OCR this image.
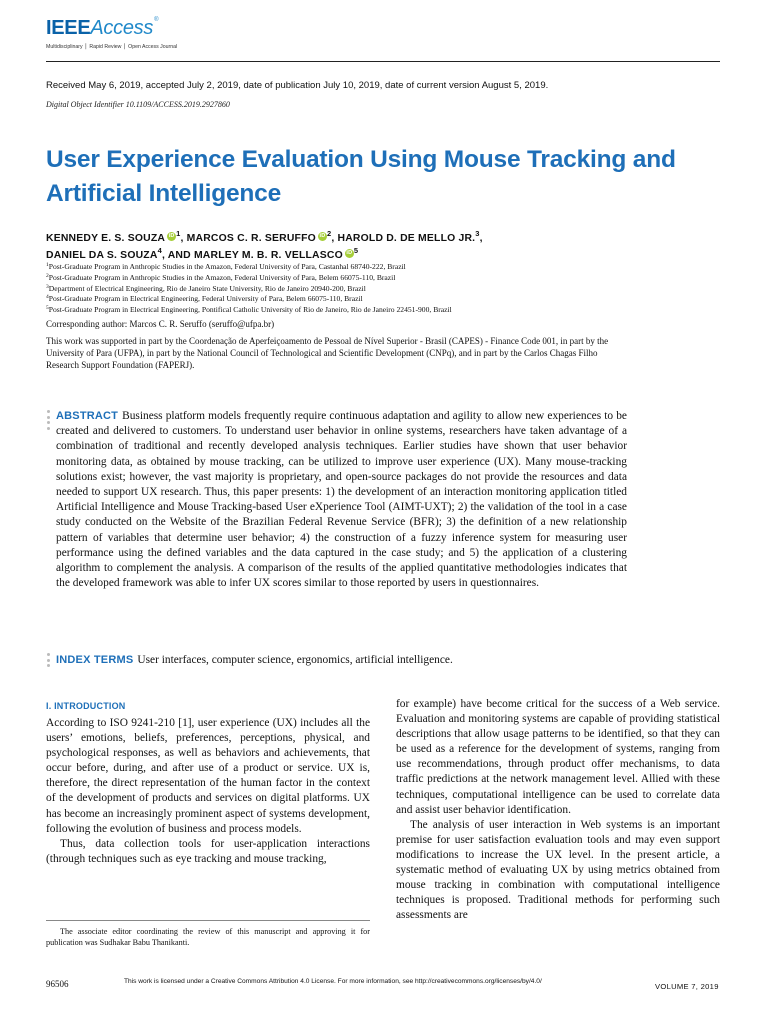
IEEEAccess®
Multidisciplinary ⎪ Rapid Review ⎪ Open Access Journal
Received May 6, 2019, accepted July 2, 2019, date of publication July 10, 2019, date of current version August 5, 2019.
Digital Object Identifier 10.1109/ACCESS.2019.2927860
User Experience Evaluation Using Mouse Tracking and Artificial Intelligence
KENNEDY E. S. SOUZA iD $^1$, MARCOS C. R. SERUFFO iD $^2$, HAROLD D. DE MELLO JR.$^3$,
DANIEL DA S. SOUZA$^4$, AND MARLEY M. B. R. VELLASCO iD $^5$
$^1$Post-Graduate Program in Anthropic Studies in the Amazon, Federal University of Para, Castanhal 68740-222, Brazil
$^2$Post-Graduate Program in Anthropic Studies in the Amazon, Federal University of Para, Belem 66075-110, Brazil
$^3$Department of Electrical Engineering, Rio de Janeiro State University, Rio de Janeiro 20940-200, Brazil
$^4$Post-Graduate Program in Electrical Engineering, Federal University of Para, Belem 66075-110, Brazil
$^5$Post-Graduate Program in Electrical Engineering, Pontifical Catholic University of Rio de Janeiro, Rio de Janeiro 22451-900, Brazil
Corresponding author: Marcos C. R. Seruffo (seruffo@ufpa.br)
This work was supported in part by the Coordenação de Aperfeiçoamento de Pessoal de Nível Superior - Brasil (CAPES) - Finance Code 001, in part by the University of Para (UFPA), in part by the National Council of Technological and Scientific Development (CNPq), and in part by the Carlos Chagas Filho Research Support Foundation (FAPERJ).
ABSTRACT Business platform models frequently require continuous adaptation and agility to allow new experiences to be created and delivered to customers. To understand user behavior in online systems, researchers have taken advantage of a combination of traditional and recently developed analysis techniques. Earlier studies have shown that user behavior monitoring data, as obtained by mouse tracking, can be utilized to improve user experience (UX). Many mouse-tracking solutions exist; however, the vast majority is proprietary, and open-source packages do not provide the resources and data needed to support UX research. Thus, this paper presents: 1) the development of an interaction monitoring application titled Artificial Intelligence and Mouse Tracking-based User eXperience Tool (AIMT-UXT); 2) the validation of the tool in a case study conducted on the Website of the Brazilian Federal Revenue Service (BFR); 3) the definition of a new relationship pattern of variables that determine user behavior; 4) the construction of a fuzzy inference system for measuring user performance using the defined variables and the data captured in the case study; and 5) the application of a clustering algorithm to complement the analysis. A comparison of the results of the applied quantitative methodologies indicates that the developed framework was able to infer UX scores similar to those reported by users in questionnaires.
INDEX TERMS User interfaces, computer science, ergonomics, artificial intelligence.
I. INTRODUCTION

According to ISO 9241-210 [1], user experience (UX) includes all the users’ emotions, beliefs, preferences, perceptions, physical, and psychological responses, as well as behaviors and achievements, that occur before, during, and after use of a product or service. UX is, therefore, the direct representation of the human factor in the context of the development of products and services on digital platforms. UX has become an increasingly prominent aspect of systems development, following the evolution of business and process models.

Thus, data collection tools for user-application interactions (through techniques such as eye tracking and mouse tracking,

for example) have become critical for the success of a Web service. Evaluation and monitoring systems are capable of providing statistical descriptions that allow usage patterns to be identified, so that they can be used as a reference for the development of systems, ranging from use recommendations, through product offer mechanisms, to data traffic predictions at the network management level. Allied with these techniques, computational intelligence can be used to correlate data and assist user behavior identification.

The analysis of user interaction in Web systems is an important premise for user satisfaction evaluation tools and may even support modifications to increase the UX level. In the present article, a systematic method of evaluating UX by using metrics obtained from mouse tracking in combination with computational intelligence techniques is proposed. Traditional methods for performing such assessments are

The associate editor coordinating the review of this manuscript and approving it for publication was Sudhakar Babu Thanikanti.
96506	This work is licensed under a Creative Commons Attribution 4.0 License. For more information, see http://creativecommons.org/licenses/by/4.0/
VOLUME 7, 2019
